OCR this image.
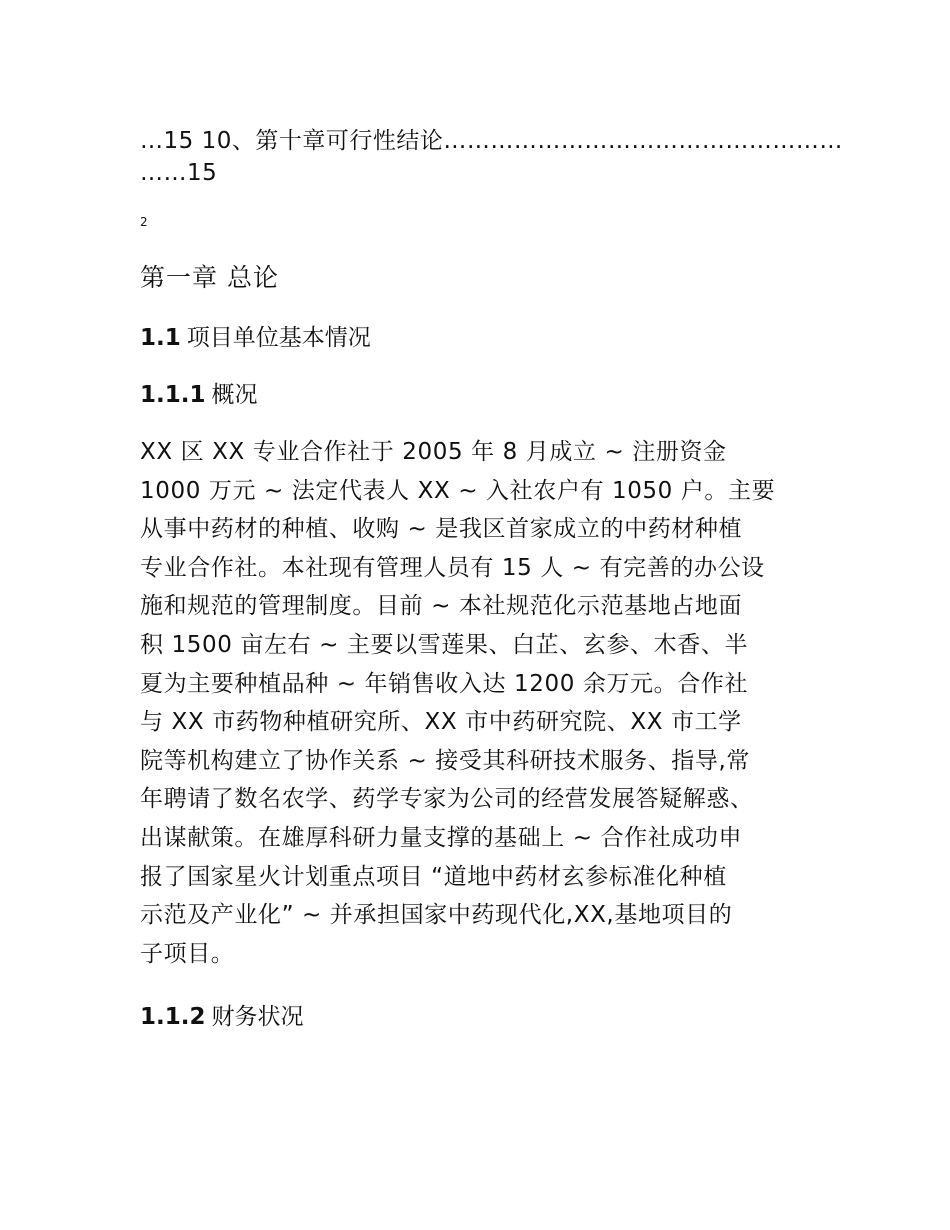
…15 10、第十章可行性结论……………………………………………
……15
2
第一章 总论
1.1 项目单位基本情况
1.1.1 概况
XX 区 XX 专业合作社于 2005 年 8 月成立 ~ 注册资金
1000 万元 ~ 法定代表人 XX ~ 入社农户有 1050 户。主要
从事中药材的种植、收购 ~ 是我区首家成立的中药材种植
专业合作社。本社现有管理人员有 15 人 ~ 有完善的办公设
施和规范的管理制度。目前 ~ 本社规范化示范基地占地面
积 1500 亩左右 ~ 主要以雪莲果、白芷、玄参、木香、半
夏为主要种植品种 ~ 年销售收入达 1200 余万元。合作社
与 XX 市药物种植研究所、XX 市中药研究院、XX 市工学
院等机构建立了协作关系 ~ 接受其科研技术服务、指导,常
年聘请了数名农学、药学专家为公司的经营发展答疑解惑、
出谋献策。在雄厚科研力量支撑的基础上 ~ 合作社成功申
报了国家星火计划重点项目 “道地中药材玄参标准化种植
示范及产业化” ~ 并承担国家中药现代化,XX,基地项目的
子项目。
1.1.2 财务状况
